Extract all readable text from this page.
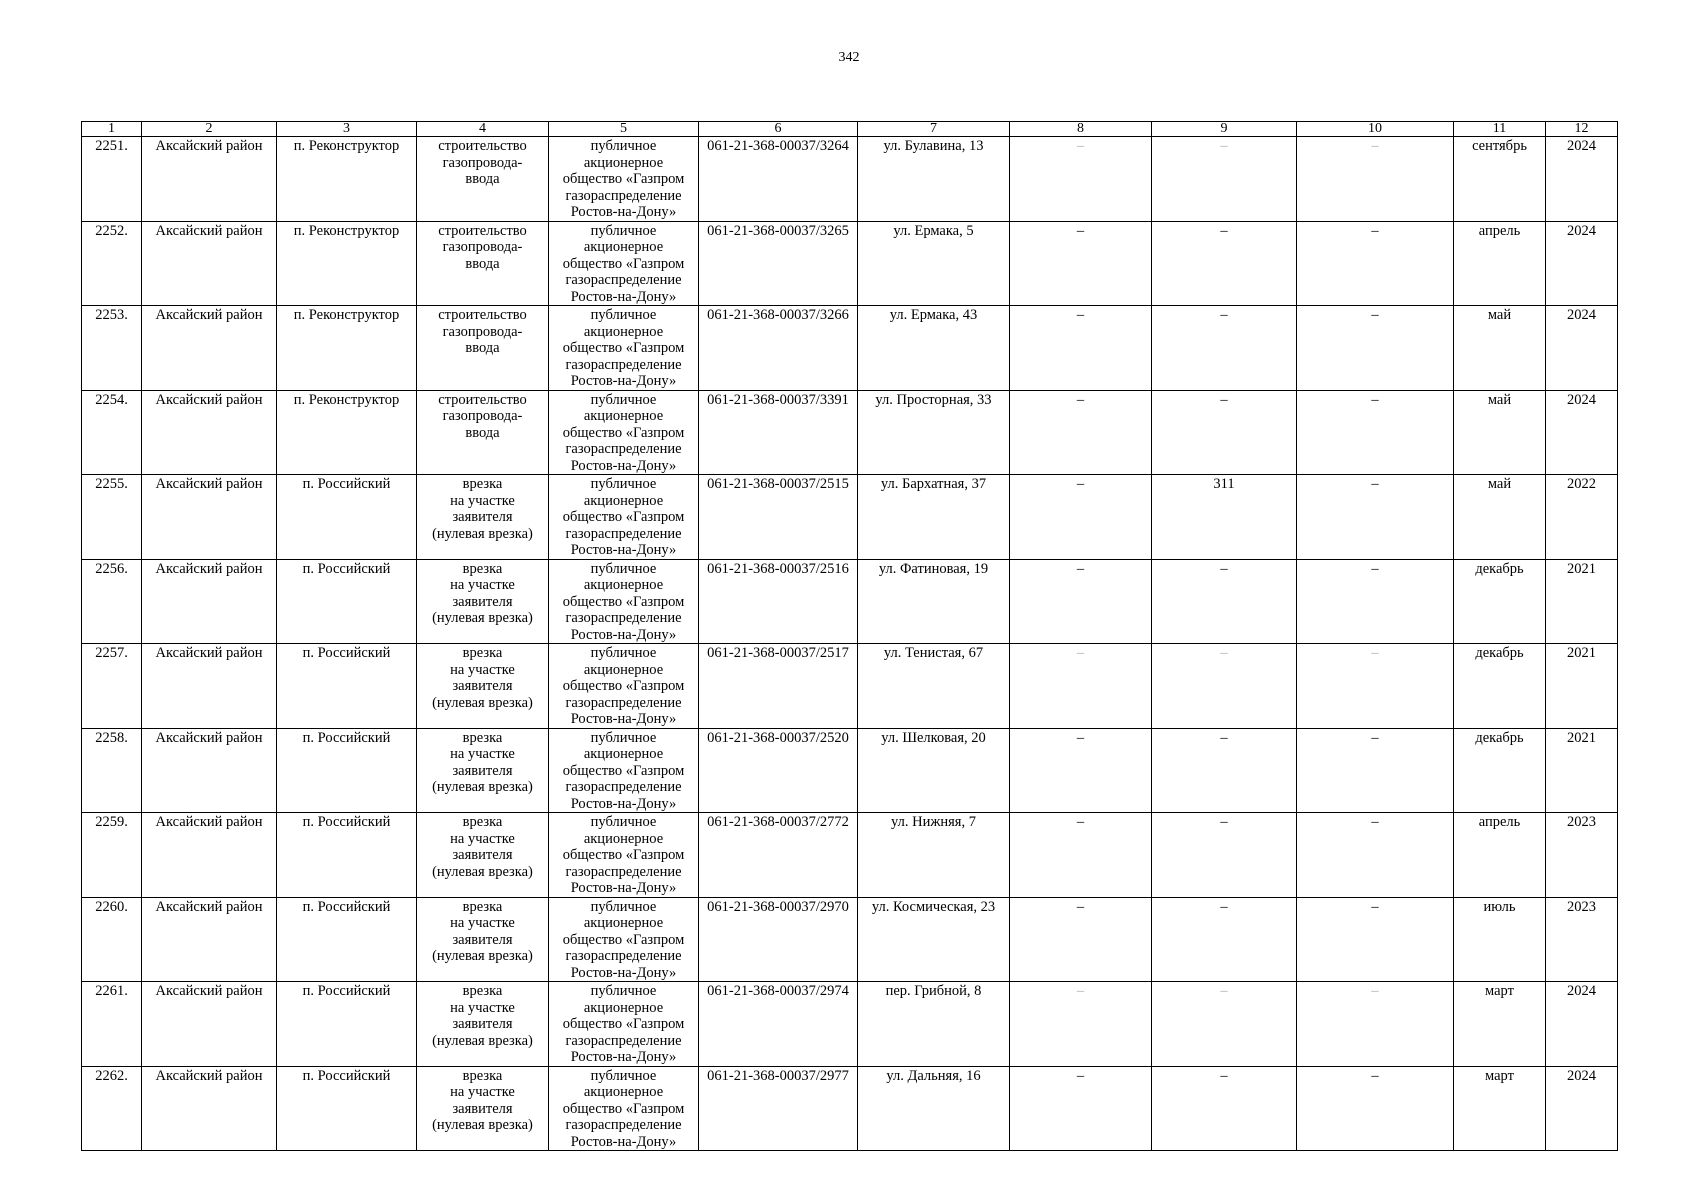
342
1	2	3	4	5	6	7	8	9	10	11	12
2251.	Аксайский район	п. Реконструктор	строительство
газопровода-
ввода	публичное
акционерное
общество «Газпром
газораспределение
Ростов-на-Дону»	061-21-368-00037/3264	ул. Булавина, 13	–	–	–	сентябрь	2024
2252.	Аксайский район	п. Реконструктор	строительство
газопровода-
ввода	публичное
акционерное
общество «Газпром
газораспределение
Ростов-на-Дону»	061-21-368-00037/3265	ул. Ермака, 5	–	–	–	апрель	2024
2253.	Аксайский район	п. Реконструктор	строительство
газопровода-
ввода	публичное
акционерное
общество «Газпром
газораспределение
Ростов-на-Дону»	061-21-368-00037/3266	ул. Ермака, 43	–	–	–	май	2024
2254.	Аксайский район	п. Реконструктор	строительство
газопровода-
ввода	публичное
акционерное
общество «Газпром
газораспределение
Ростов-на-Дону»	061-21-368-00037/3391	ул. Просторная, 33	–	–	–	май	2024
2255.	Аксайский район	п. Российский	врезка
на участке
заявителя
(нулевая врезка)	публичное
акционерное
общество «Газпром
газораспределение
Ростов-на-Дону»	061-21-368-00037/2515	ул. Бархатная, 37	–	311	–	май	2022
2256.	Аксайский район	п. Российский	врезка
на участке
заявителя
(нулевая врезка)	публичное
акционерное
общество «Газпром
газораспределение
Ростов-на-Дону»	061-21-368-00037/2516	ул. Фатиновая, 19	–	–	–	декабрь	2021
2257.	Аксайский район	п. Российский	врезка
на участке
заявителя
(нулевая врезка)	публичное
акционерное
общество «Газпром
газораспределение
Ростов-на-Дону»	061-21-368-00037/2517	ул. Тенистая, 67	–	–	–	декабрь	2021
2258.	Аксайский район	п. Российский	врезка
на участке
заявителя
(нулевая врезка)	публичное
акционерное
общество «Газпром
газораспределение
Ростов-на-Дону»	061-21-368-00037/2520	ул. Шелковая, 20	–	–	–	декабрь	2021
2259.	Аксайский район	п. Российский	врезка
на участке
заявителя
(нулевая врезка)	публичное
акционерное
общество «Газпром
газораспределение
Ростов-на-Дону»	061-21-368-00037/2772	ул. Нижняя, 7	–	–	–	апрель	2023
2260.	Аксайский район	п. Российский	врезка
на участке
заявителя
(нулевая врезка)	публичное
акционерное
общество «Газпром
газораспределение
Ростов-на-Дону»	061-21-368-00037/2970	ул. Космическая, 23	–	–	–	июль	2023
2261.	Аксайский район	п. Российский	врезка
на участке
заявителя
(нулевая врезка)	публичное
акционерное
общество «Газпром
газораспределение
Ростов-на-Дону»	061-21-368-00037/2974	пер. Грибной, 8	–	–	–	март	2024
2262.	Аксайский район	п. Российский	врезка
на участке
заявителя
(нулевая врезка)	публичное
акционерное
общество «Газпром
газораспределение
Ростов-на-Дону»	061-21-368-00037/2977	ул. Дальняя, 16	–	–	–	март	2024
